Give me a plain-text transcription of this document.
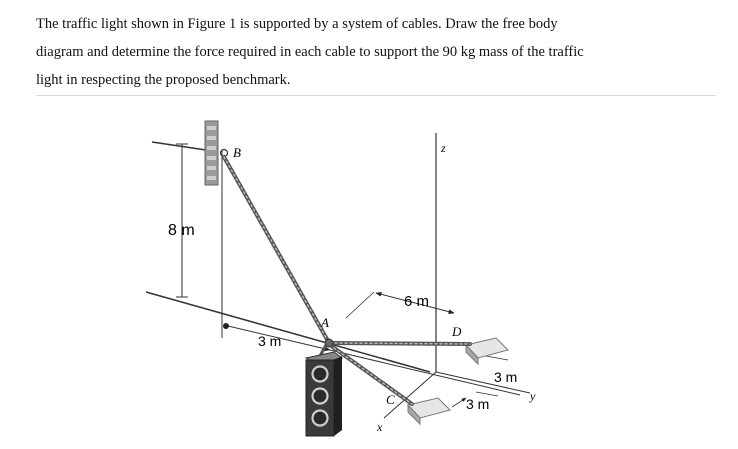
The traffic light shown in Figure 1 is supported by a system of cables. Draw the free body
diagram and determine the force required in each cable to support the 90 kg mass of the traffic
light in respecting the proposed benchmark.
B
A
D
C
z
x
y
8 m
3 m
6 m
3 m
3 m
